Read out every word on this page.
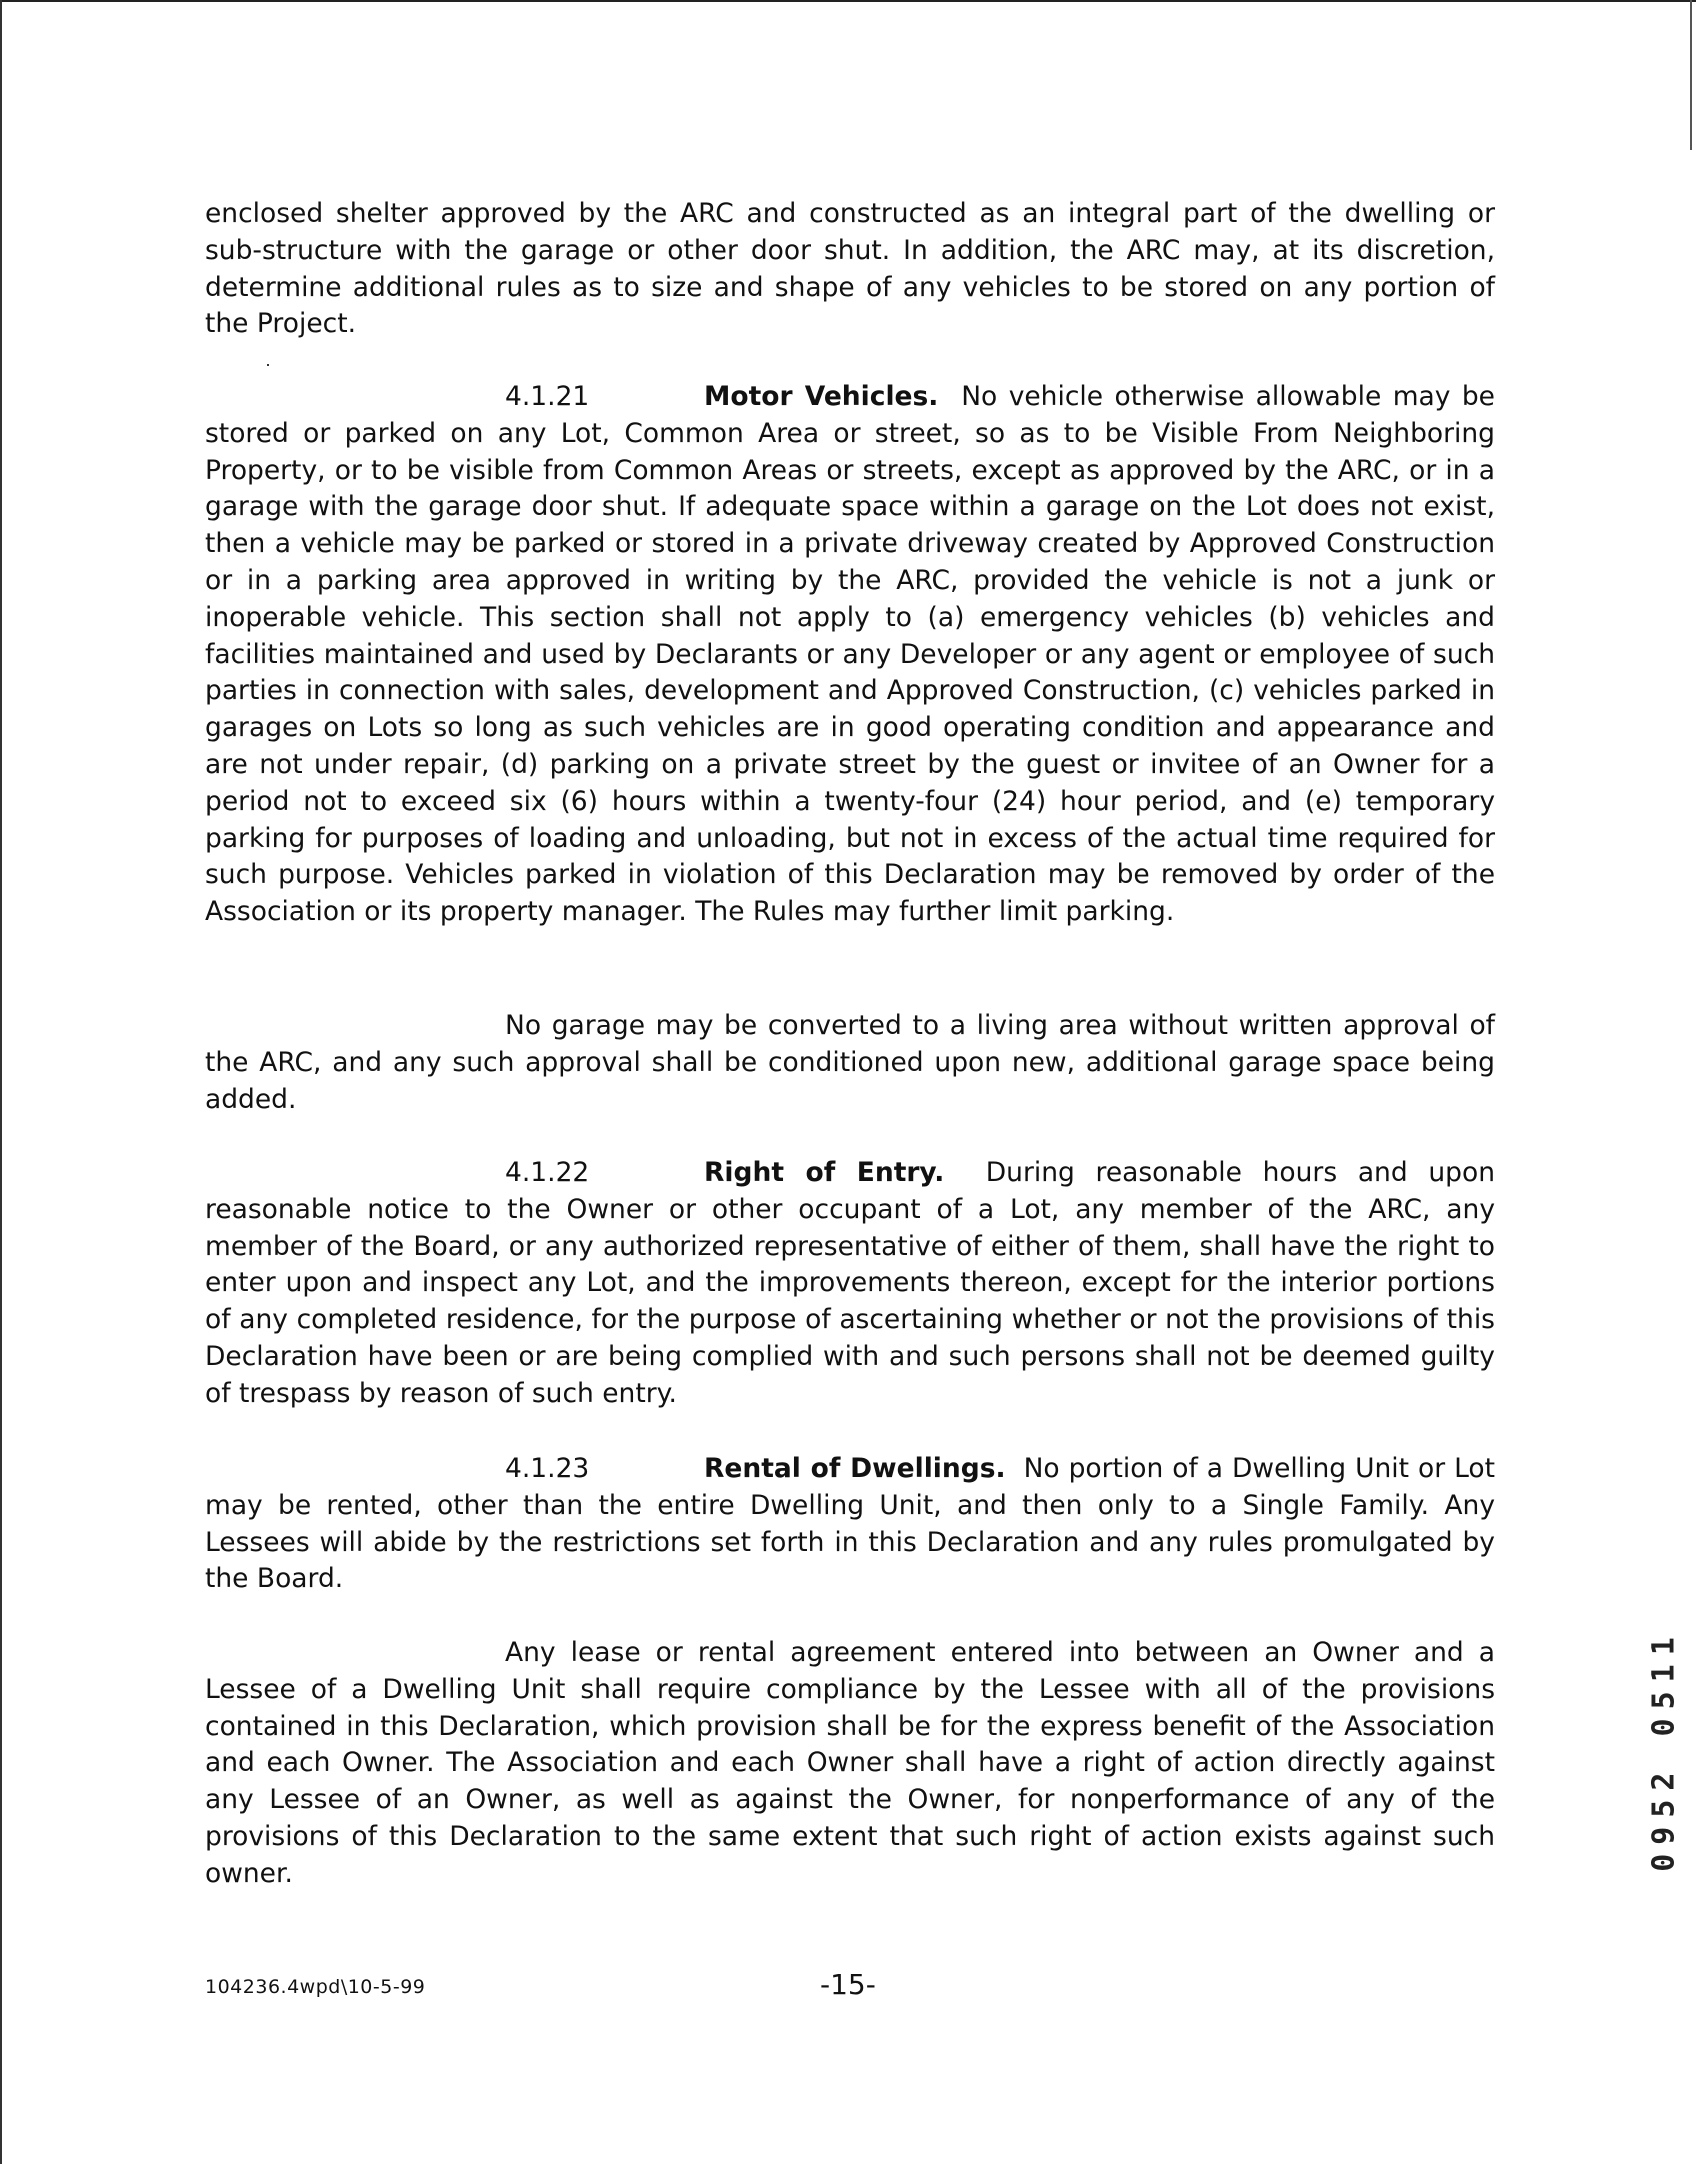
enclosed shelter approved by the ARC and constructed as an integral part of the dwelling or sub-structure with the garage or other door shut. In addition, the ARC may, at its discretion, determine additional rules as to size and shape of any vehicles to be stored on any portion of the Project.

4.1.21	Motor Vehicles. No vehicle otherwise allowable may be stored or parked on any Lot, Common Area or street, so as to be Visible From Neighboring Property, or to be visible from Common Areas or streets, except as approved by the ARC, or in a garage with the garage door shut. If adequate space within a garage on the Lot does not exist, then a vehicle may be parked or stored in a private driveway created by Approved Construction or in a parking area approved in writing by the ARC, provided the vehicle is not a junk or inoperable vehicle. This section shall not apply to (a) emergency vehicles (b) vehicles and facilities maintained and used by Declarants or any Developer or any agent or employee of such parties in connection with sales, development and Approved Construction, (c) vehicles parked in garages on Lots so long as such vehicles are in good operating condition and appearance and are not under repair, (d) parking on a private street by the guest or invitee of an Owner for a period not to exceed six (6) hours within a twenty-four (24) hour period, and (e) temporary parking for purposes of loading and unloading, but not in excess of the actual time required for such purpose. Vehicles parked in violation of this Declaration may be removed by order of the Association or its property manager. The Rules may further limit parking.

No garage may be converted to a living area without written approval of the ARC, and any such approval shall be conditioned upon new, additional garage space being added.

4.1.22	Right of Entry. During reasonable hours and upon reasonable notice to the Owner or other occupant of a Lot, any member of the ARC, any member of the Board, or any authorized representative of either of them, shall have the right to enter upon and inspect any Lot, and the improvements thereon, except for the interior portions of any completed residence, for the purpose of ascertaining whether or not the provisions of this Declaration have been or are being complied with and such persons shall not be deemed guilty of trespass by reason of such entry.

4.1.23	Rental of Dwellings. No portion of a Dwelling Unit or Lot may be rented, other than the entire Dwelling Unit, and then only to a Single Family. Any Lessees will abide by the restrictions set forth in this Declaration and any rules promulgated by the Board.

Any lease or rental agreement entered into between an Owner and a Lessee of a Dwelling Unit shall require compliance by the Lessee with all of the provisions contained in this Declaration, which provision shall be for the express benefit of the Association and each Owner. The Association and each Owner shall have a right of action directly against any Lessee of an Owner, as well as against the Owner, for nonperformance of any of the provisions of this Declaration to the same extent that such right of action exists against such owner.

104236.4wpd\10-5-99	-15-
0952 0511
